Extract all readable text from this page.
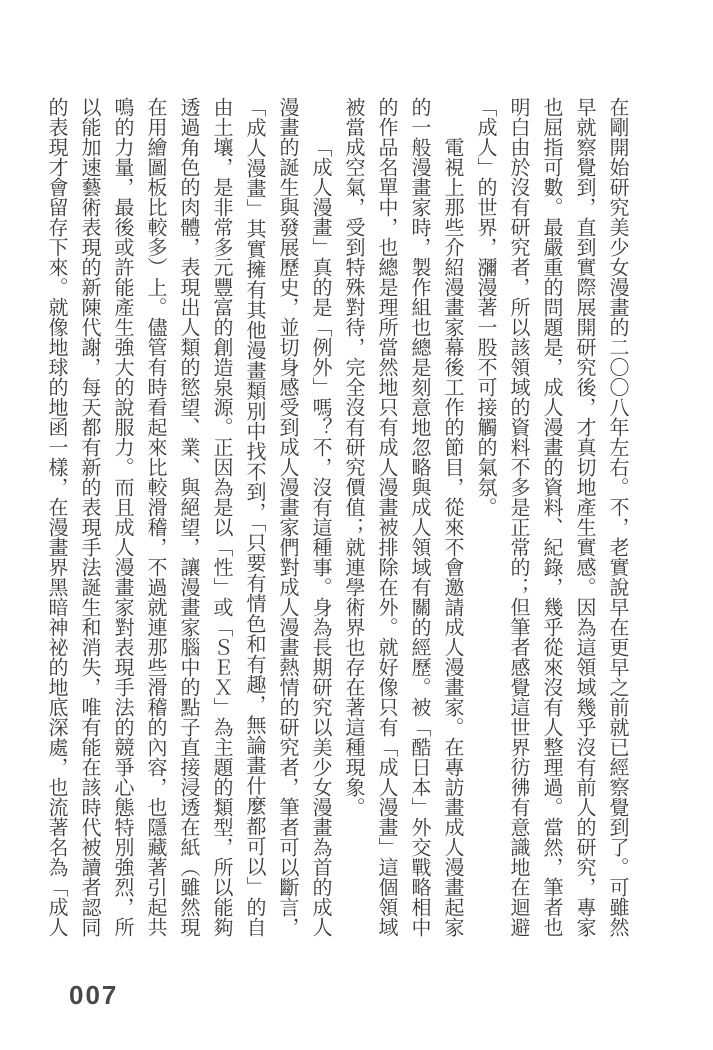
在剛開始研究美少女漫畫的二〇〇八年左右。不，老實說早在更早之前就已經察覺到了。可雖然早就察覺到，直到實際展開研究後，才真切地產生實感。因為這領域幾乎沒有前人的研究，專家也屈指可數。最嚴重的問題是，成人漫畫的資料、紀錄，幾乎從來沒有人整理過。當然，筆者也明白由於沒有研究者，所以該領域的資料不多是正常的；但筆者感覺這世界彷彿有意識地在迴避「成人」的世界，瀰漫著一股不可接觸的氣氛。

電視上那些介紹漫畫家幕後工作的節目，從來不會邀請成人漫畫家。在專訪畫成人漫畫起家的一般漫畫家時，製作組也總是刻意地忽略與成人領域有關的經歷。被「酷日本」外交戰略相中的作品名單中，也總是理所當然地只有成人漫畫被排除在外。就好像只有「成人漫畫」這個領域被當成空氣，受到特殊對待，完全沒有研究價值；就連學術界也存在著這種現象。

「成人漫畫」真的是「例外」嗎？不，沒有這種事。身為長期研究以美少女漫畫為首的成人漫畫的誕生與發展歷史，並切身感受到成人漫畫家們對成人漫畫熱情的研究者，筆者可以斷言，「成人漫畫」其實擁有其他漫畫類別中找不到，「只要有情色和有趣，無論畫什麼都可以」的自由土壤，是非常多元豐富的創造泉源。正因為是以「性」或「ＳＥＸ」為主題的類型，所以能夠透過角色的肉體，表現出人類的慾望、業、與絕望，讓漫畫家腦中的點子直接浸透在紙（雖然現在用繪圖板比較多）上。儘管有時看起來比較滑稽，不過就連那些滑稽的內容，也隱藏著引起共鳴的力量，最後或許能產生強大的說服力。而且成人漫畫家對表現手法的競爭心態特別強烈，所以能加速藝術表現的新陳代謝，每天都有新的表現手法誕生和消失，唯有能在該時代被讀者認同的表現才會留存下來。就像地球的地函一樣，在漫畫界黑暗神祕的地底深處，也流著名為「成人

007
